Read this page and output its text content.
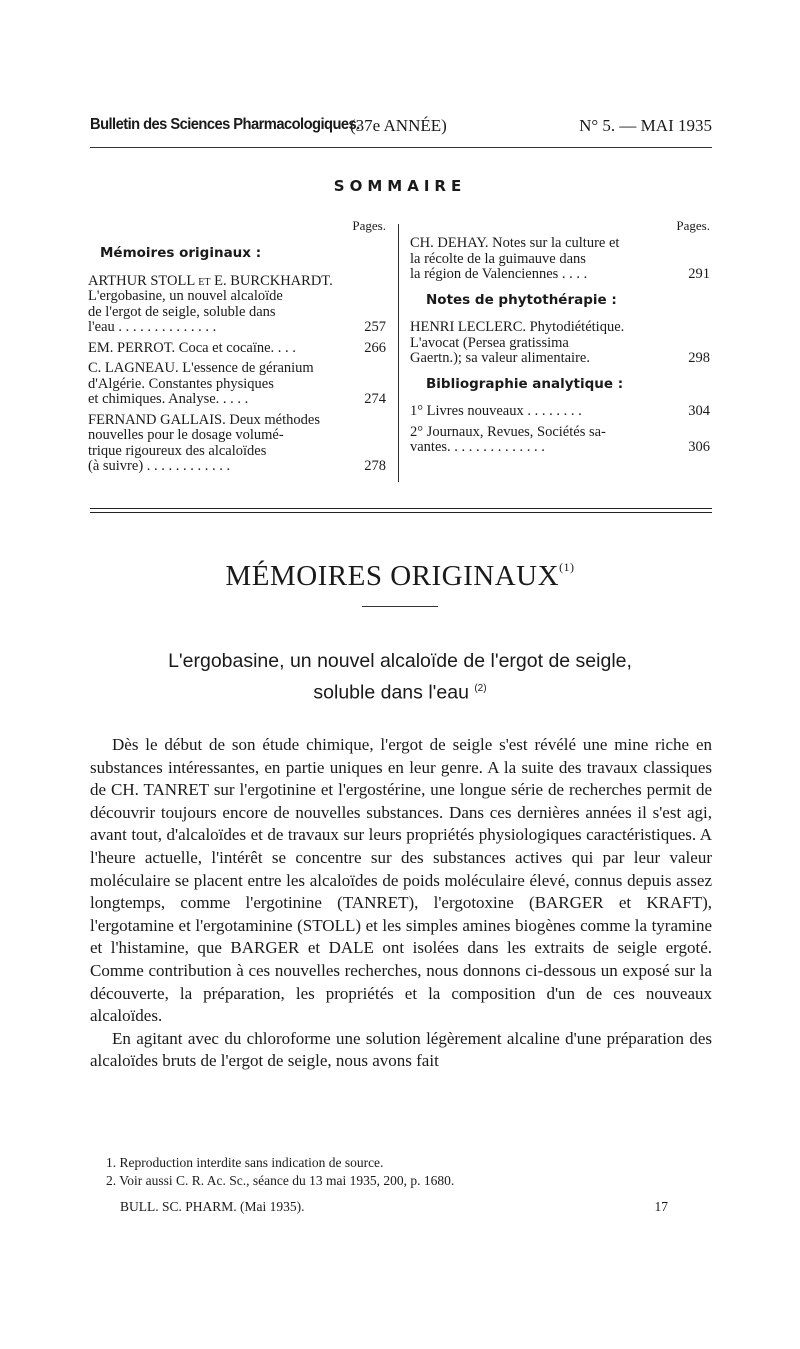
Bulletin des Sciences Pharmacologiques.
(37e ANNÉE)	N° 5. — MAI 1935
SOMMAIRE
Pages.
Mémoires originaux :
ARTHUR STOLL et E. BURCKHARDT.
L'ergobasine, un nouvel alcaloïde
de l'ergot de seigle, soluble dans
l'eau . . . . . . . . . . . . . .	257
EM. PERROT. Coca et cocaïne. . . .	266
C. LAGNEAU. L'essence de géranium
d'Algérie. Constantes physiques
et chimiques. Analyse. . . . .	274
FERNAND GALLAIS. Deux méthodes
nouvelles pour le dosage volumé-
trique rigoureux des alcaloïdes
(à suivre) . . . . . . . . . . . .	278
Pages.
CH. DEHAY. Notes sur la culture et
la récolte de la guimauve dans
la région de Valenciennes . . . .	291
Notes de phytothérapie :
HENRI LECLERC. Phytodiététique.
L'avocat (Persea gratissima
Gaertn.); sa valeur alimentaire.	298
Bibliographie analytique :
1° Livres nouveaux . . . . . . . .	304
2° Journaux, Revues, Sociétés sa-
vantes. . . . . . . . . . . . . .	306
MÉMOIRES ORIGINAUX$^{(1)}$
L'ergobasine, un nouvel alcaloïde de l'ergot de seigle,
soluble dans l'eau $^{(2)}$

Dès le début de son étude chimique, l'ergot de seigle s'est révélé une mine riche en substances intéressantes, en partie uniques en leur genre. A la suite des travaux classiques de CH. TANRET sur l'ergotinine et l'ergostérine, une longue série de recherches permit de découvrir toujours encore de nouvelles substances. Dans ces dernières années il s'est agi, avant tout, d'alcaloïdes et de travaux sur leurs propriétés physiologiques caractéristiques. A l'heure actuelle, l'intérêt se concentre sur des substances actives qui par leur valeur moléculaire se placent entre les alcaloïdes de poids moléculaire élevé, connus depuis assez longtemps, comme l'ergotinine (TANRET), l'ergotoxine (BARGER et KRAFT), l'ergotamine et l'ergotaminine (STOLL) et les simples amines biogènes comme la tyramine et l'histamine, que BARGER et DALE ont isolées dans les extraits de seigle ergoté. Comme contribution à ces nouvelles recherches, nous donnons ci-dessous un exposé sur la découverte, la préparation, les propriétés et la composition d'un de ces nouveaux alcaloïdes.

En agitant avec du chloroforme une solution légèrement alcaline d'une préparation des alcaloïdes bruts de l'ergot de seigle, nous avons fait

1. Reproduction interdite sans indication de source.
2. Voir aussi C. R. Ac. Sc., séance du 13 mai 1935, 200, p. 1680.
BULL. SC. PHARM. (Mai 1935).	17
